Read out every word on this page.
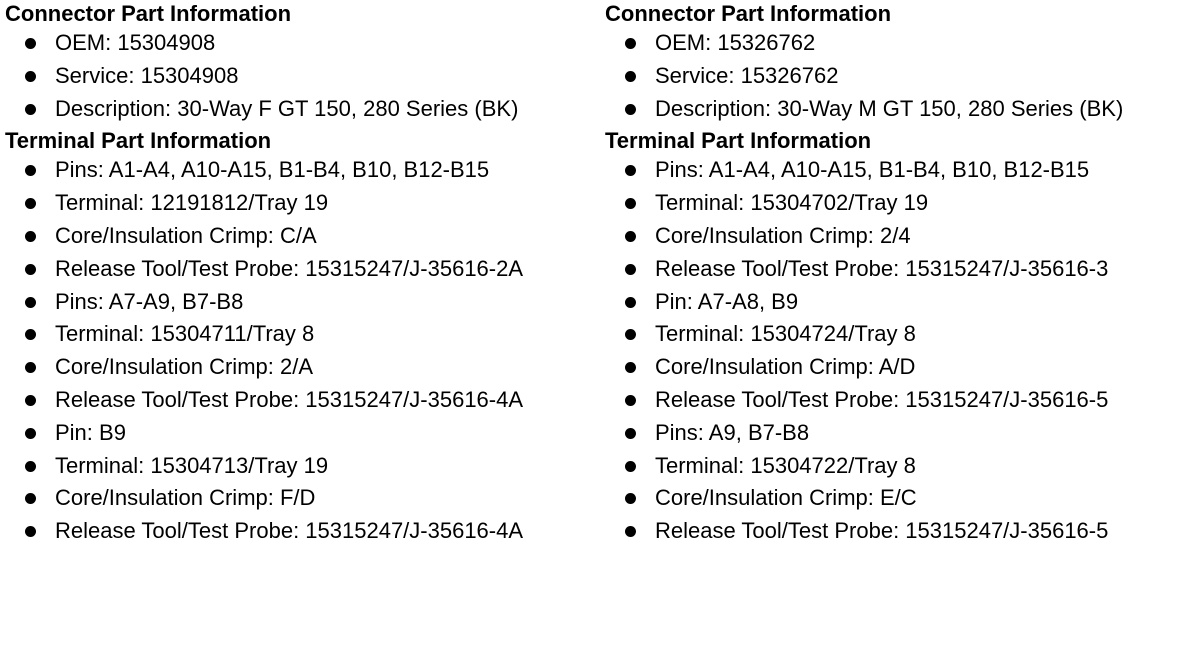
Connector Part Information
OEM: 15304908
Service: 15304908
Description: 30-Way F GT 150, 280 Series (BK)
Terminal Part Information
Pins: A1-A4, A10-A15, B1-B4, B10, B12-B15
Terminal: 12191812/Tray 19
Core/Insulation Crimp: C/A
Release Tool/Test Probe: 15315247/J-35616-2A
Pins: A7-A9, B7-B8
Terminal: 15304711/Tray 8
Core/Insulation Crimp: 2/A
Release Tool/Test Probe: 15315247/J-35616-4A
Pin: B9
Terminal: 15304713/Tray 19
Core/Insulation Crimp: F/D
Release Tool/Test Probe: 15315247/J-35616-4A
Connector Part Information
OEM: 15326762
Service: 15326762
Description: 30-Way M GT 150, 280 Series (BK)
Terminal Part Information
Pins: A1-A4, A10-A15, B1-B4, B10, B12-B15
Terminal: 15304702/Tray 19
Core/Insulation Crimp: 2/4
Release Tool/Test Probe: 15315247/J-35616-3
Pin: A7-A8, B9
Terminal: 15304724/Tray 8
Core/Insulation Crimp: A/D
Release Tool/Test Probe: 15315247/J-35616-5
Pins: A9, B7-B8
Terminal: 15304722/Tray 8
Core/Insulation Crimp: E/C
Release Tool/Test Probe: 15315247/J-35616-5
